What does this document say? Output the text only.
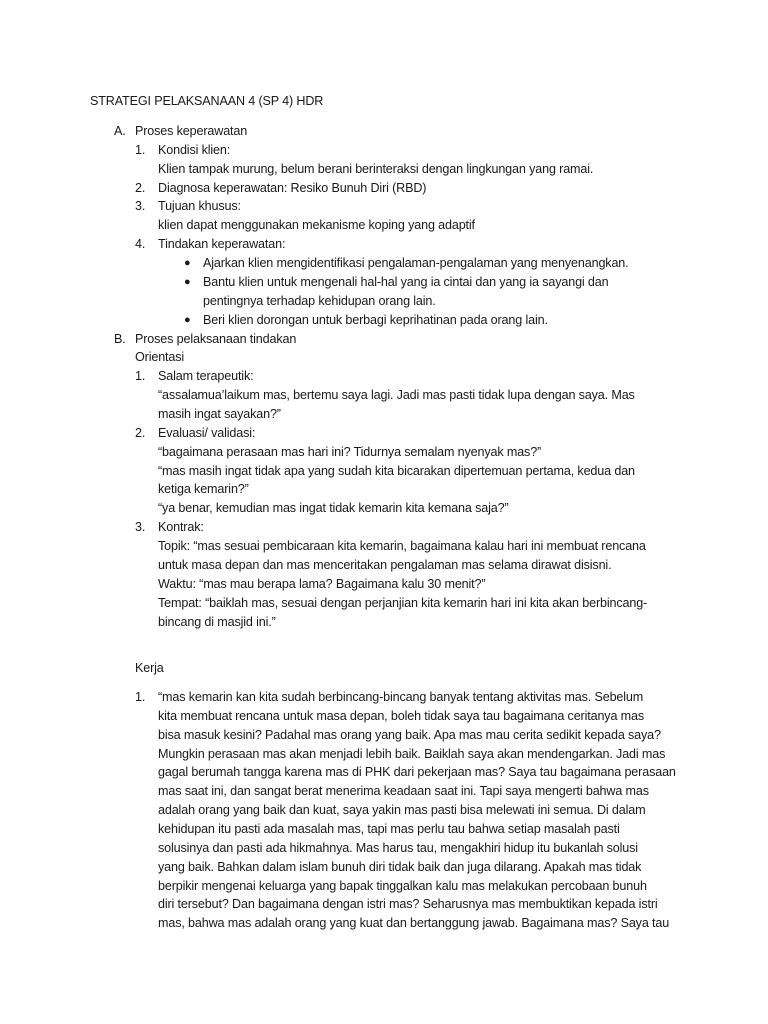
STRATEGI PELAKSANAAN 4 (SP 4) HDR
A. Proses keperawatan
1. Kondisi klien:
Klien tampak murung, belum berani berinteraksi dengan lingkungan yang ramai.
2. Diagnosa keperawatan: Resiko Bunuh Diri (RBD)
3. Tujuan khusus:
klien dapat menggunakan mekanisme koping yang adaptif
4. Tindakan keperawatan:
● Ajarkan klien mengidentifikasi pengalaman-pengalaman yang menyenangkan.
● Bantu klien untuk mengenali hal-hal yang ia cintai dan yang ia sayangi dan
pentingnya terhadap kehidupan orang lain.
● Beri klien dorongan untuk berbagi keprihatinan pada orang lain.
B. Proses pelaksanaan tindakan
Orientasi
1. Salam terapeutik:
“assalamua’laikum mas, bertemu saya lagi. Jadi mas pasti tidak lupa dengan saya. Mas
masih ingat sayakan?”
2. Evaluasi/ validasi:
“bagaimana perasaan mas hari ini? Tidurnya semalam nyenyak mas?”
“mas masih ingat tidak apa yang sudah kita bicarakan dipertemuan pertama, kedua dan
ketiga kemarin?”
“ya benar, kemudian mas ingat tidak kemarin kita kemana saja?”
3. Kontrak:
Topik: “mas sesuai pembicaraan kita kemarin, bagaimana kalau hari ini membuat rencana
untuk masa depan dan mas menceritakan pengalaman mas selama dirawat disisni.
Waktu: “mas mau berapa lama? Bagaimana kalu 30 menit?”
Tempat: “baiklah mas, sesuai dengan perjanjian kita kemarin hari ini kita akan berbincang-
bincang di masjid ini.”
Kerja
1. “mas kemarin kan kita sudah berbincang-bincang banyak tentang aktivitas mas. Sebelum
kita membuat rencana untuk masa depan, boleh tidak saya tau bagaimana ceritanya mas
bisa masuk kesini? Padahal mas orang yang baik. Apa mas mau cerita sedikit kepada saya?
Mungkin perasaan mas akan menjadi lebih baik. Baiklah saya akan mendengarkan. Jadi mas
gagal berumah tangga karena mas di PHK dari pekerjaan mas? Saya tau bagaimana perasaan
mas saat ini, dan sangat berat menerima keadaan saat ini. Tapi saya mengerti bahwa mas
adalah orang yang baik dan kuat, saya yakin mas pasti bisa melewati ini semua. Di dalam
kehidupan itu pasti ada masalah mas, tapi mas perlu tau bahwa setiap masalah pasti
solusinya dan pasti ada hikmahnya. Mas harus tau, mengakhiri hidup itu bukanlah solusi
yang baik. Bahkan dalam islam bunuh diri tidak baik dan juga dilarang. Apakah mas tidak
berpikir mengenai keluarga yang bapak tinggalkan kalu mas melakukan percobaan bunuh
diri tersebut? Dan bagaimana dengan istri mas? Seharusnya mas membuktikan kepada istri
mas, bahwa mas adalah orang yang kuat dan bertanggung jawab. Bagaimana mas? Saya tau
